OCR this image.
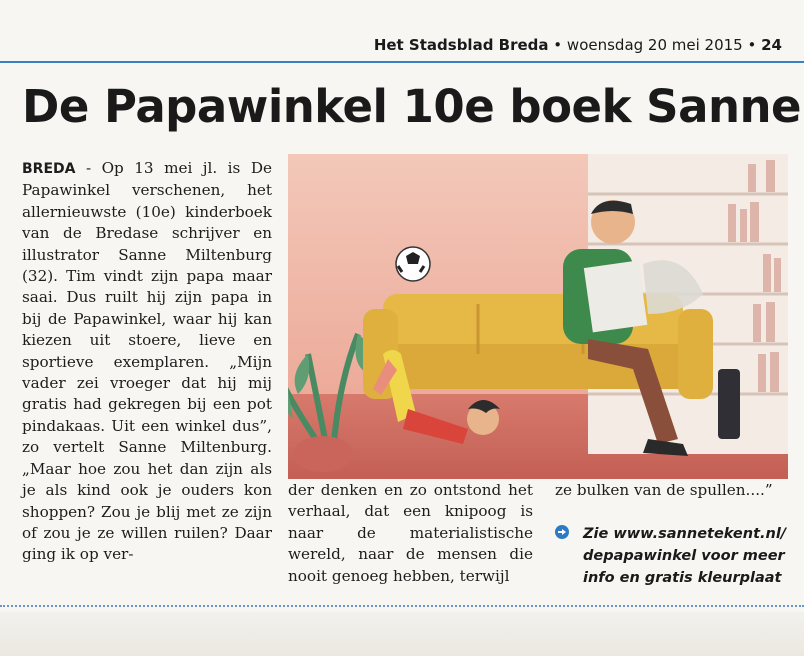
Het Stadsblad Breda • woensdag 20 mei 2015 • 24
De Papawinkel 10e boek Sanne
BREDA - Op 13 mei jl. is De Papawinkel verschenen, het allernieuwste (10e) kinderboek van de Bredase schrijver en illustrator Sanne Miltenburg (32). Tim vindt zijn papa maar saai. Dus ruilt hij zijn papa in bij de Papawinkel, waar hij kan kiezen uit stoere, lieve en sportieve exemplaren. „Mijn vader zei vroeger dat hij mij gratis had gekregen bij een pot pindakaas. Uit een winkel dus”, zo vertelt Sanne Miltenburg. „Maar hoe zou het dan zijn als je als kind ook je ouders kon shoppen? Zou je blij met ze zijn of zou je ze willen ruilen? Daar ging ik op ver-
der denken en zo ontstond het verhaal, dat een knipoog is naar de materialistische wereld, naar de mensen die nooit genoeg hebben, terwijl
ze bulken van de spullen....”
Zie www.sannetekent.nl/ depapawinkel voor meer info en gratis kleurplaat
